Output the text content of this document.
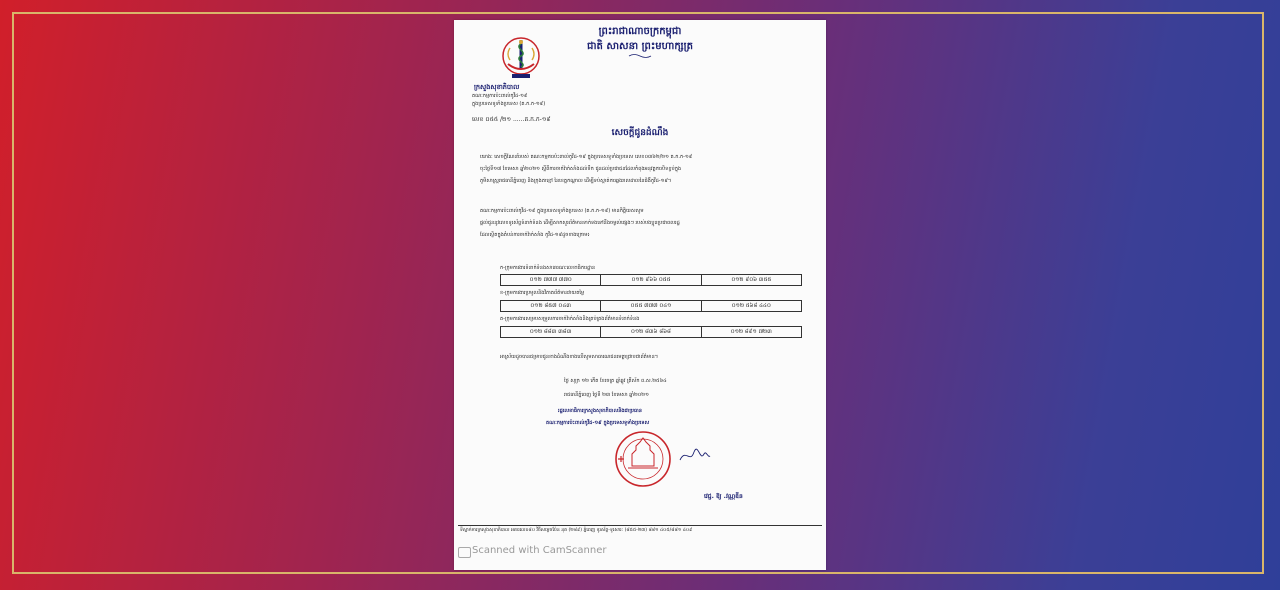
ព្រះរាជាណាចក្រកម្ពុជា
ជាតិ សាសនា ព្រះមហាក្សត្រ
ក្រសួងសុខាភិបាល
គណៈកម្មការប៉ះពាល់កូវីដ-១៩
ក្នុងប្រទេសទូទាំងប្រទេស (គ.ក.ក-១៩)
លេខ ០៥៥ /២១ ......គ.ក.ក-១៩
សេចក្តីជូនដំណឹង
យោងៈ សេចក្តីណែនាំរបស់ គណៈកម្មការប៉ះពាល់កូវីដ-១៩ ក្នុងប្រទេសទូទាំងប្រទេស លេខ០៣៦២/២១ គ.ក.ក-១៩
ចុះថ្ងៃទី១៧ ខែមេសា ឆ្នាំ២០២១ ស្តីពីការចាក់វ៉ាក់សាំងដល់ទឹក ជូនដល់ប្រជាជនដែលកំពុងអនុវត្តការបិទខ្ទប់ក្នុង
ភូមិសាស្ត្ររាជធានីភ្នំពេញ និងក្រុងតាខ្មៅ នៃខេត្តកណ្តាល ដើម្បីទប់ស្កាត់ការឆ្លងរាលដាលនៃជំងឺកូវីដ-១៩។
គណៈកម្មការប៉ះពាល់កូវីដ-១៩ ក្នុងប្រទេសទូទាំងប្រទេស (គ.ក.ក-១៩) មានកិត្តិយសសូម
ផ្តល់ជូននូវលេខទូរស័ព្ទទំនាក់ទំនង ដើម្បីសាកសួរព័ត៌មានទាក់ទងទៅនឹងចម្ងល់ផ្សេងៗ របស់បងប្អូនប្រជាពលរដ្ឋ
ដែលស្ថិតក្នុងតំបន់ការចាក់វ៉ាក់សាំង កូវីដ-១៩ដូចខាងក្រោម៖
ក-ក្រុមការងារទំនាក់ទំនងសាធារណៈលេខាធិការដ្ឋាន
០១២ ៧៧៧ ៧៧០	០១២ ៩៦៦ ០៥៥	០១២ ៩០៦ ៣៥៥
ខ-ក្រុមការងារប្រមូលនិងវិភាគព័ត៌មានវាយតម្លៃ
០១២ ៨៥៧ ០៤៣	០៥៥ ៧៧៧ ០៤១	០១២ ៥៦៨ ៤៤០
គ-ក្រុមការងារសម្របសម្រួលការចាក់វ៉ាក់សាំងនិងគ្រប់គ្រងព័ត៌មានទំនាក់ទំនង
០១២ ៨៨៣ ៣៨៣	០១២ ៨៣៦ ៨៦៨	០១២ ៨៩១ ៧២៣
អាស្រ័យដូចបានជម្រាបជូនខាងដំណឹងខាងលើសូមសាធារណជនមេត្តាជ្រាបជាព័ត៌មាន។
ថ្ងៃ សុក្រ ១២ កើត ខែចេត្រ ឆ្នាំឆ្លូវ ត្រីស័ក ព.ស.២៥៦៤
រាជធានីភ្នំពេញ ថ្ងៃទី ២៣ ខែមេសា ឆ្នាំ២០២១
រដ្ឋលេខាធិការក្រសួងសុខាភិបាលនិងជាប្រធាន
គណៈកម្មការប៉ះពាល់កូវីដ-១៩ ក្នុងប្រទេសទូទាំងប្រទេស
វេជ្ជ. ឱ្យ .វណ្ណឌីន
ទីស្នាក់ការក្រសួងសុខាភិបាល អគារលេខ៨០ វិថីសម្តេចប៉ែន នុត (២៨៩) ភ្នំពេញ ទូរស័ព្ទ-ទូរសារ: (៨៥៥-២៣) ៨៨១ ៤០៥/៨៨១ ៤០៩
Scanned with CamScanner
